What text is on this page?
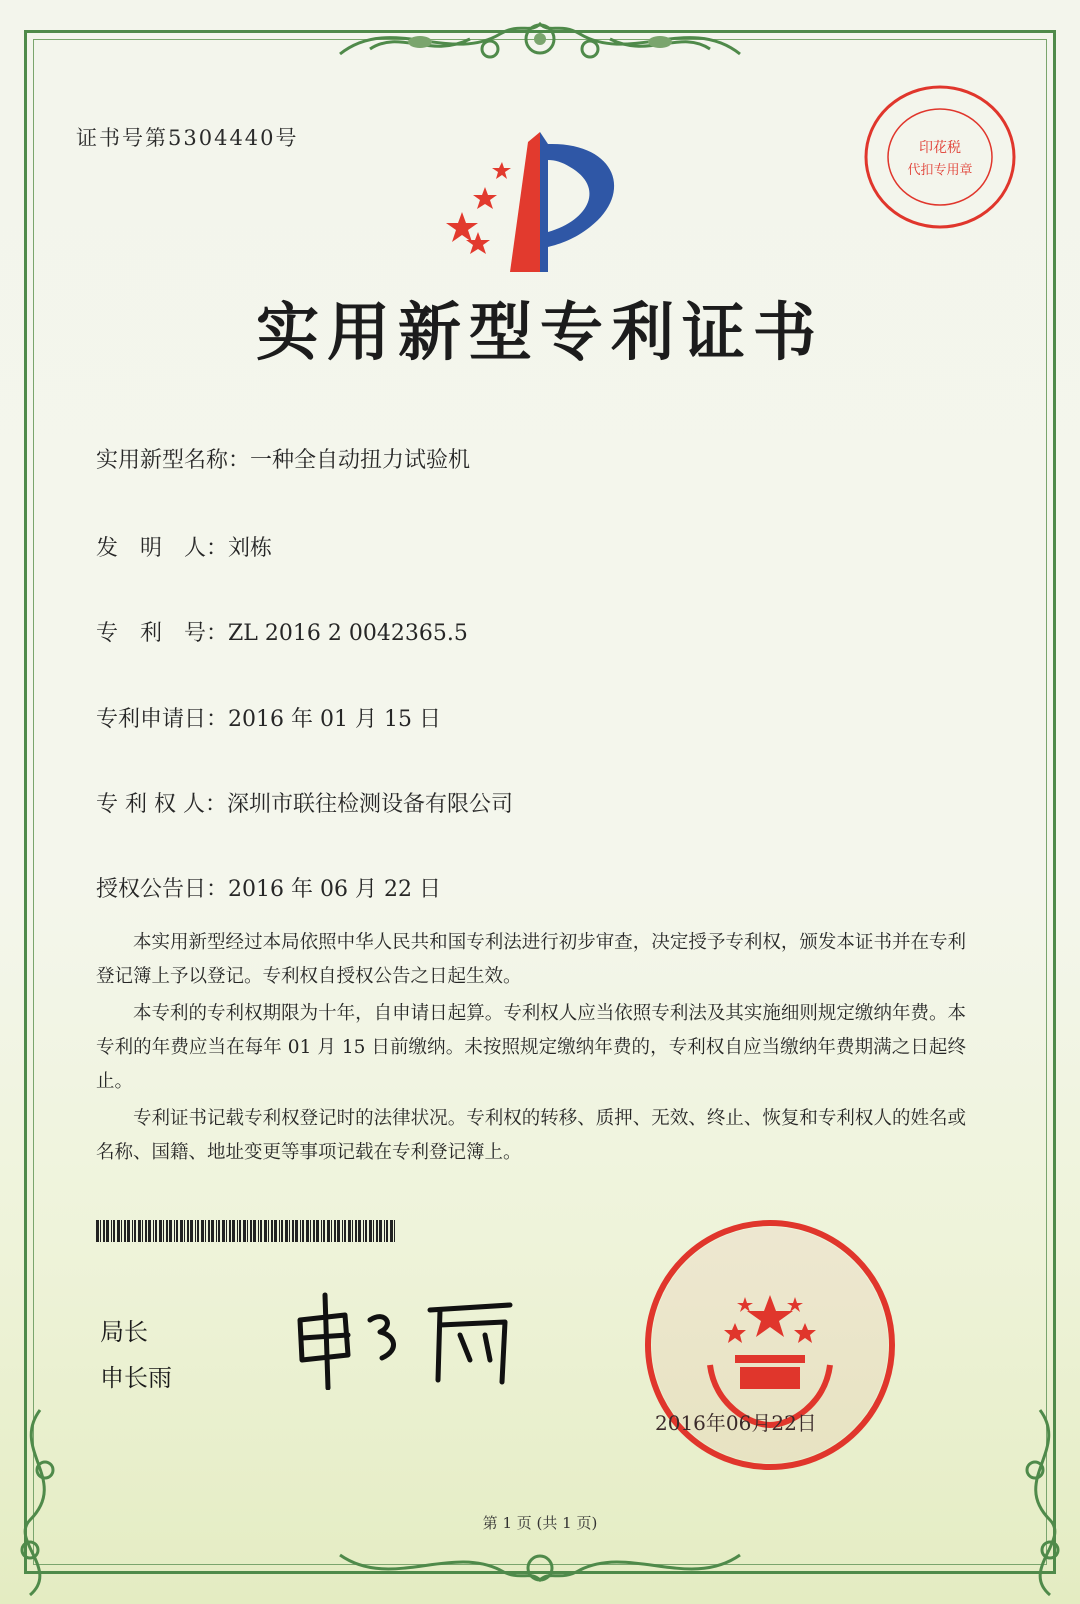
证书号第5304440号
实用新型专利证书
实用新型名称：一种全自动扭力试验机
发　明　人：刘栋
专　利　号：ZL 2016 2 0042365.5
专利申请日：2016 年 01 月 15 日
专 利 权 人：深圳市联往检测设备有限公司
授权公告日：2016 年 06 月 22 日

本实用新型经过本局依照中华人民共和国专利法进行初步审查，决定授予专利权，颁发本证书并在专利登记簿上予以登记。专利权自授权公告之日起生效。

本专利的专利权期限为十年，自申请日起算。专利权人应当依照专利法及其实施细则规定缴纳年费。本专利的年费应当在每年 01 月 15 日前缴纳。未按照规定缴纳年费的，专利权自应当缴纳年费期满之日起终止。

专利证书记载专利权登记时的法律状况。专利权的转移、质押、无效、终止、恢复和专利权人的姓名或名称、国籍、地址变更等事项记载在专利登记簿上。

局长
申长雨
2016年06月22日
印花税
代扣专用章
第 1 页 (共 1 页)
